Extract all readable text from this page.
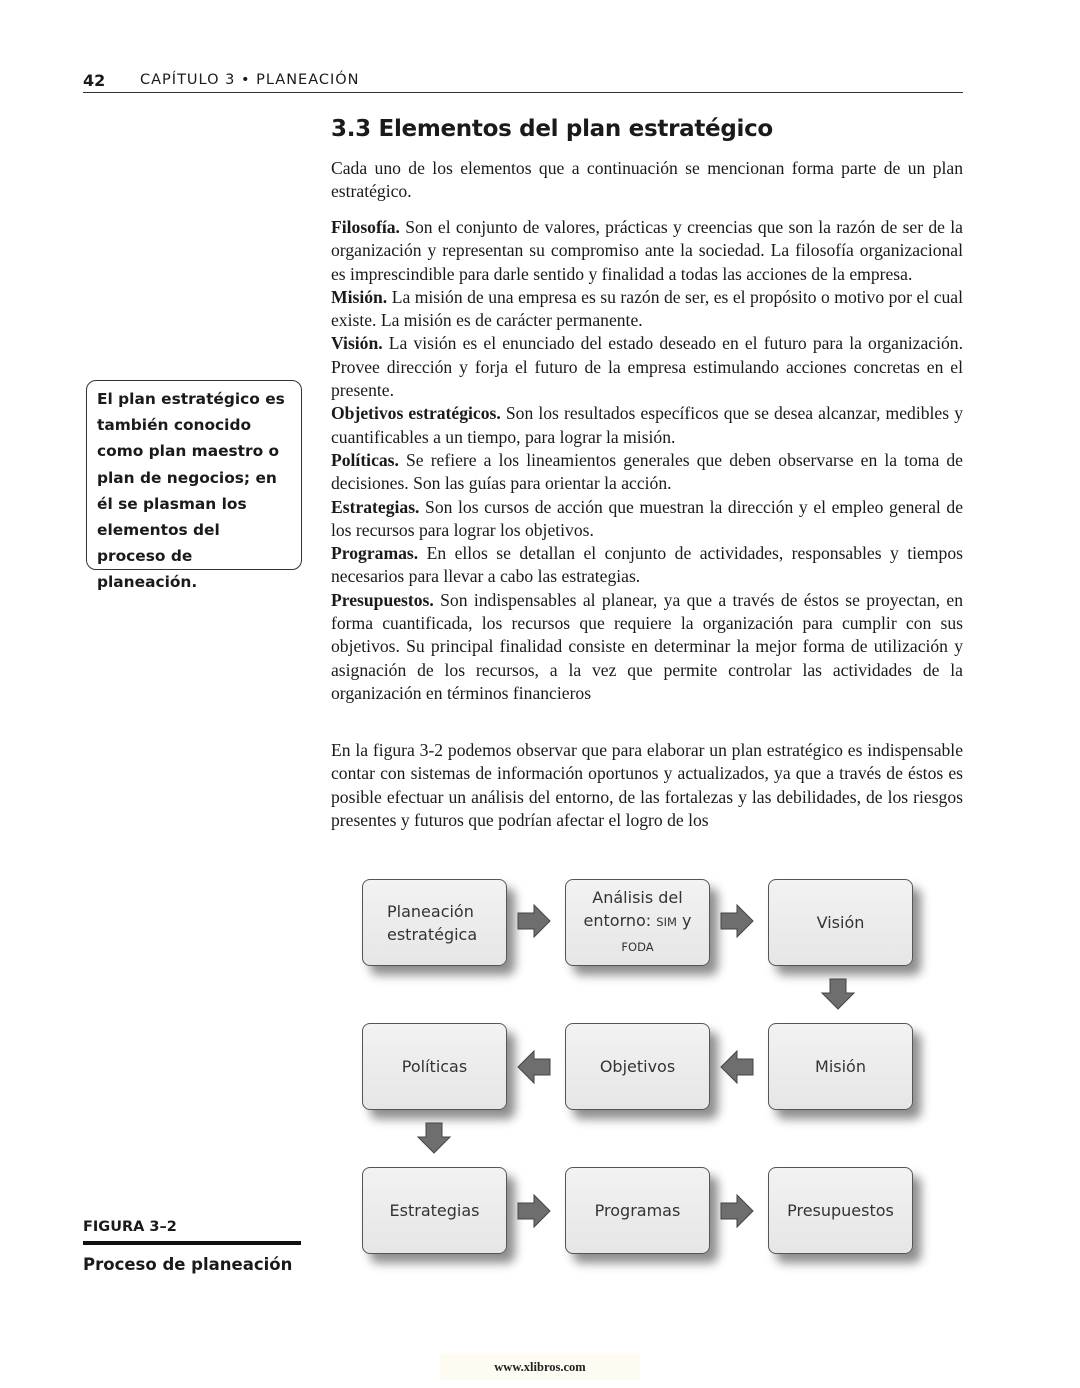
42 CAPÍTULO 3 • PLANEACIÓN
3.3 Elementos del plan estratégico

Cada uno de los elementos que a continuación se mencionan forma parte de un plan estratégico.

Filosofía. Son el conjunto de valores, prácticas y creencias que son la razón de ser de la organización y representan su compromiso ante la sociedad. La filosofía organizacional es imprescindible para darle sentido y finalidad a todas las acciones de la empresa.

Misión. La misión de una empresa es su razón de ser, es el propósito o motivo por el cual existe. La misión es de carácter permanente.

Visión. La visión es el enunciado del estado deseado en el futuro para la organización. Provee dirección y forja el futuro de la empresa estimulando acciones concretas en el presente.

Objetivos estratégicos. Son los resultados específicos que se desea alcanzar, medibles y cuantificables a un tiempo, para lograr la misión.

Políticas. Se refiere a los lineamientos generales que deben observarse en la toma de decisiones. Son las guías para orientar la acción.

Estrategias. Son los cursos de acción que muestran la dirección y el empleo general de los recursos para lograr los objetivos.

Programas. En ellos se detallan el conjunto de actividades, responsables y tiempos necesarios para llevar a cabo las estrategias.

Presupuestos. Son indispensables al planear, ya que a través de éstos se proyectan, en forma cuantificada, los recursos que requiere la organización para cumplir con sus objetivos. Su principal finalidad consiste en determinar la mejor forma de utilización y asignación de los recursos, a la vez que permite controlar las actividades de la organización en términos financieros

En la figura 3-2 podemos observar que para elaborar un plan estratégico es indispensable contar con sistemas de información oportunos y actualizados, ya que a través de éstos es posible efectuar un análisis del entorno, de las fortalezas y las debilidades, de los riesgos presentes y futuros que podrían afectar el logro de los

El plan estratégico es también conocido como plan maestro o plan de negocios; en él se plasman los elementos del proceso de planeación.
FIGURA 3–2
Proceso de planeación
Planeación estratégica
Análisis del entorno: SIM y
FODA
Visión
Políticas	Objetivos	Misión
Estrategias	Programas	Presupuestos
www.xlibros.com
